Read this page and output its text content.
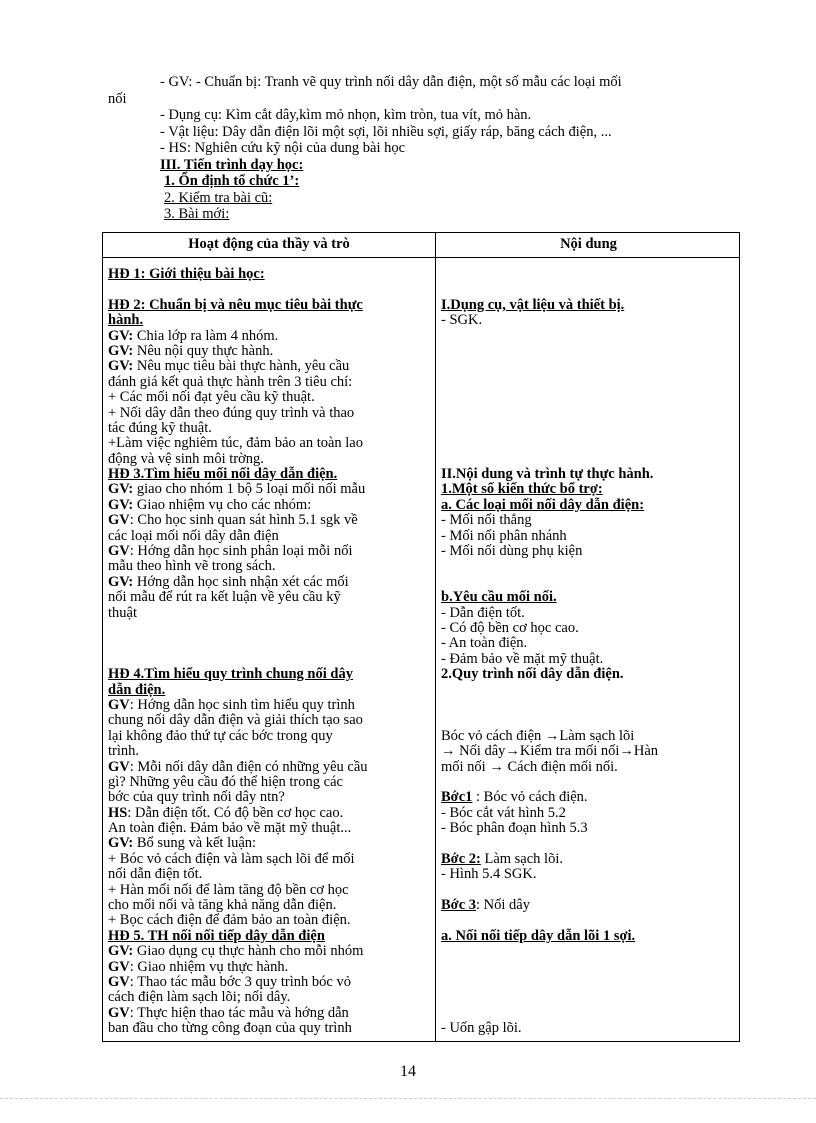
- GV: - Chuẩn bị: Tranh vẽ quy trình nối dây dẫn điện, một số mẫu các loại mối

nối

- Dụng cụ: Kìm cắt dây,kìm mỏ nhọn, kìm tròn, tua vít, mỏ hàn.

- Vật liệu: Dây dẫn điện lõi một sợi, lõi nhiều sợi, giấy ráp, băng cách điện, ...

- HS: Nghiên cứu kỹ nội của dung bài học

III. Tiến trình dạy học:

1. Ổn định tổ chức 1’:

2. Kiểm tra bài cũ:

3. Bài mới:

Hoạt động của thầy và trò	Nội dung
HĐ 1: Giới thiệu bài học:
HĐ 2: Chuẩn bị và nêu mục tiêu bài thực
hành.
GV: Chia lớp ra làm 4 nhóm.
GV: Nêu nội quy thực hành.
GV: Nêu mục tiêu bài thực hành, yêu cầu
đánh giá kết quả thực hành trên 3 tiêu chí:
+ Các mối nối đạt yêu cầu kỹ thuật.
+ Nối dây dẫn theo đúng quy trình và thao
tác đúng kỹ thuật.
+Làm việc nghiêm túc, đảm bảo an toàn lao
động và vệ sinh môi trờng.
HĐ 3.Tìm hiểu mối nối dây dẫn điện.
GV: giao cho nhóm 1 bộ 5 loại mối nối mẫu
GV: Giao nhiệm vụ cho các nhóm:
GV: Cho học sinh quan sát hình 5.1 sgk về
các loại mối nối dây dẫn điện
GV: Hớng dẫn học sinh phân loại mỗi nối
mẫu theo hình vẽ trong sách.
GV: Hớng dẫn học sinh nhận xét các mối
nối mẫu để rút ra kết luận về yêu cầu kỹ
thuật
HĐ 4.Tìm hiểu quy trình chung nối dây
dẫn điện.
GV: Hớng dẫn học sinh tìm hiểu quy trình
chung nối dây dẫn điện và giải thích tạo sao
lại không đảo thứ tự các bớc trong quy
trình.
GV: Mỗi nối dây dẫn điện có những yêu cầu
gì? Những yêu cầu đó thể hiện trong các
bớc của quy trình nối dây ntn?
HS: Dẫn điện tốt. Có độ bền cơ học cao.
An toàn điện. Đảm bảo về mặt mỹ thuật...
GV: Bổ sung và kết luận:
+ Bóc vỏ cách điện và làm sạch lõi để mối
nối dẫn điện tốt.
+ Hàn mối nối để làm tăng độ bền cơ học
cho mối nối và tăng khả năng dẫn điện.
+ Bọc cách điện để đảm bảo an toàn điện.
HĐ 5. TH nối nối tiếp dây dẫn điện
GV: Giao dụng cụ thực hành cho mỗi nhóm
GV: Giao nhiệm vụ thực hành.
GV: Thao tác mẫu bớc 3 quy trình bóc vỏ
cách điện làm sạch lõi; nối dây.
GV: Thực hiện thao tác mẫu và hớng dẫn
ban đầu cho từng công đoạn của quy trình
I.Dụng cụ, vật liệu và thiết bị.
- SGK.
II.Nội dung và trình tự thực hành.
1.Một số kiến thức bổ trợ:
a. Các loại mối nối dây dẫn điện:
- Mối nối thẳng
- Mối nối phân nhánh
- Mối nối dùng phụ kiện
b.Yêu cầu mối nối.
- Dẫn điện tốt.
- Có độ bền cơ học cao.
- An toàn điện.
- Đảm bảo về mặt mỹ thuật.
2.Quy trình nối dây dẫn điện.
Bóc vỏ cách điện →Làm sạch lõi
→ Nối dây→Kiểm tra mối nối→Hàn
mối nối → Cách điện mối nối.
Bớc1 : Bóc vỏ cách điện.
- Bóc cắt vát hình 5.2
- Bóc phân đoạn hình 5.3
Bớc 2: Làm sạch lõi.
- Hình 5.4 SGK.
Bớc 3: Nối dây
a. Nối nối tiếp dây dẫn lõi 1 sợi.
- Uốn gập lõi.
14
